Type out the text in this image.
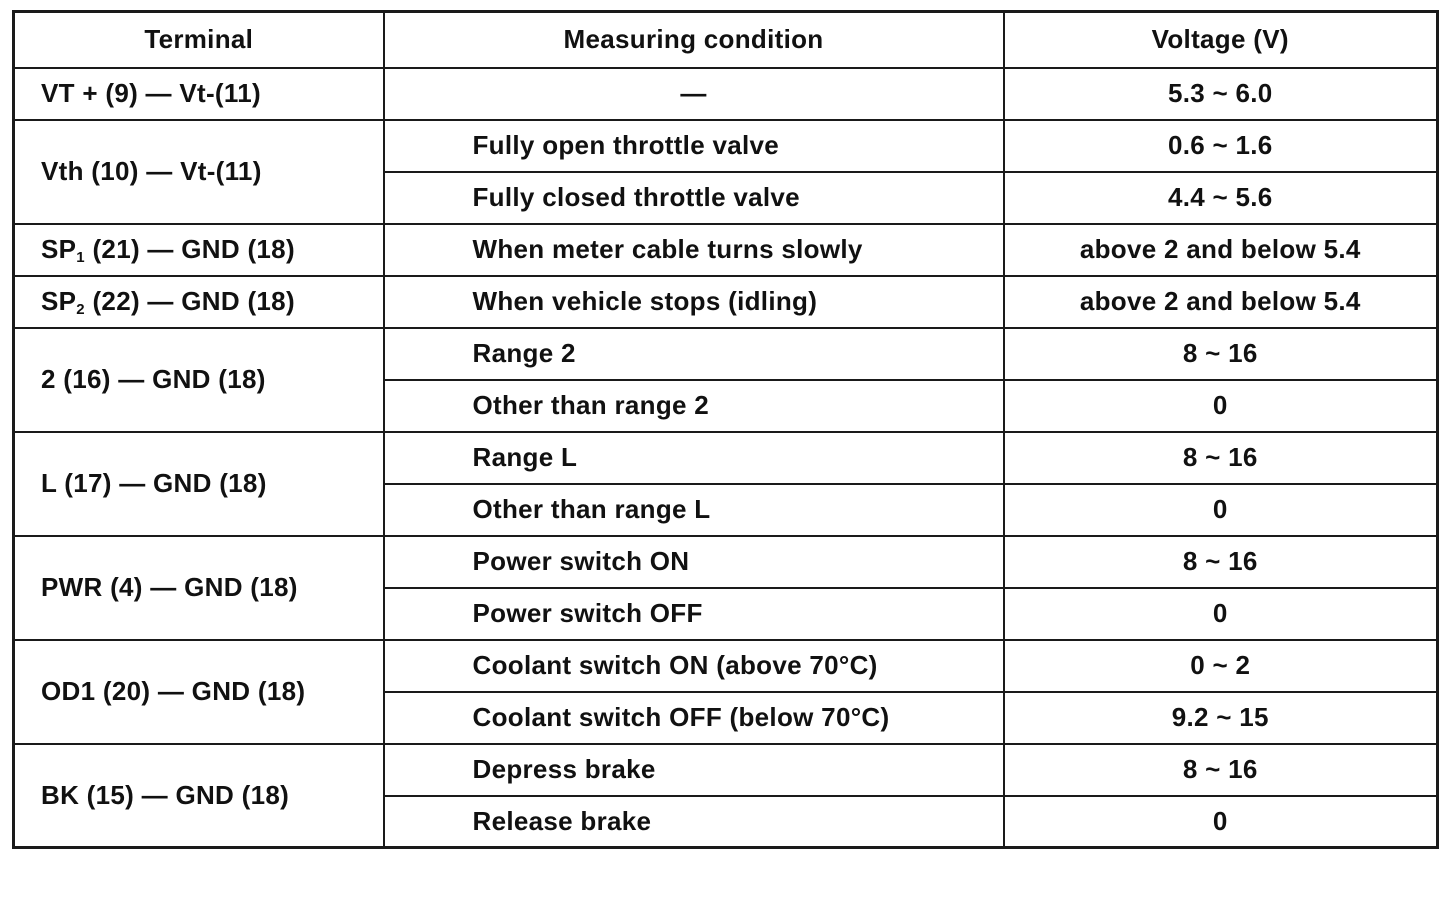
Terminal	Measuring condition	Voltage (V)
VT + (9) — Vt-(11)	—	5.3 ~ 6.0
Vth (10) — Vt-(11)	Fully open throttle valve	0.6 ~ 1.6
	Fully closed throttle valve	4.4 ~ 5.6
$SP_1$ (21) — GND (18)	When meter cable turns slowly	above 2 and below 5.4
$SP_2$ (22) — GND (18)	When vehicle stops (idling)	above 2 and below 5.4
2 (16) — GND (18)	Range 2	8 ~ 16
	Other than range 2	0
L (17) — GND (18)	Range L	8 ~ 16
	Other than range L	0
PWR (4) — GND (18)	Power switch ON	8 ~ 16
	Power switch OFF	0
OD1 (20) — GND (18)	Coolant switch ON (above 70°C)	0 ~ 2
	Coolant switch OFF (below 70°C)	9.2 ~ 15
BK (15) — GND (18)	Depress brake	8 ~ 16
	Release brake	0
